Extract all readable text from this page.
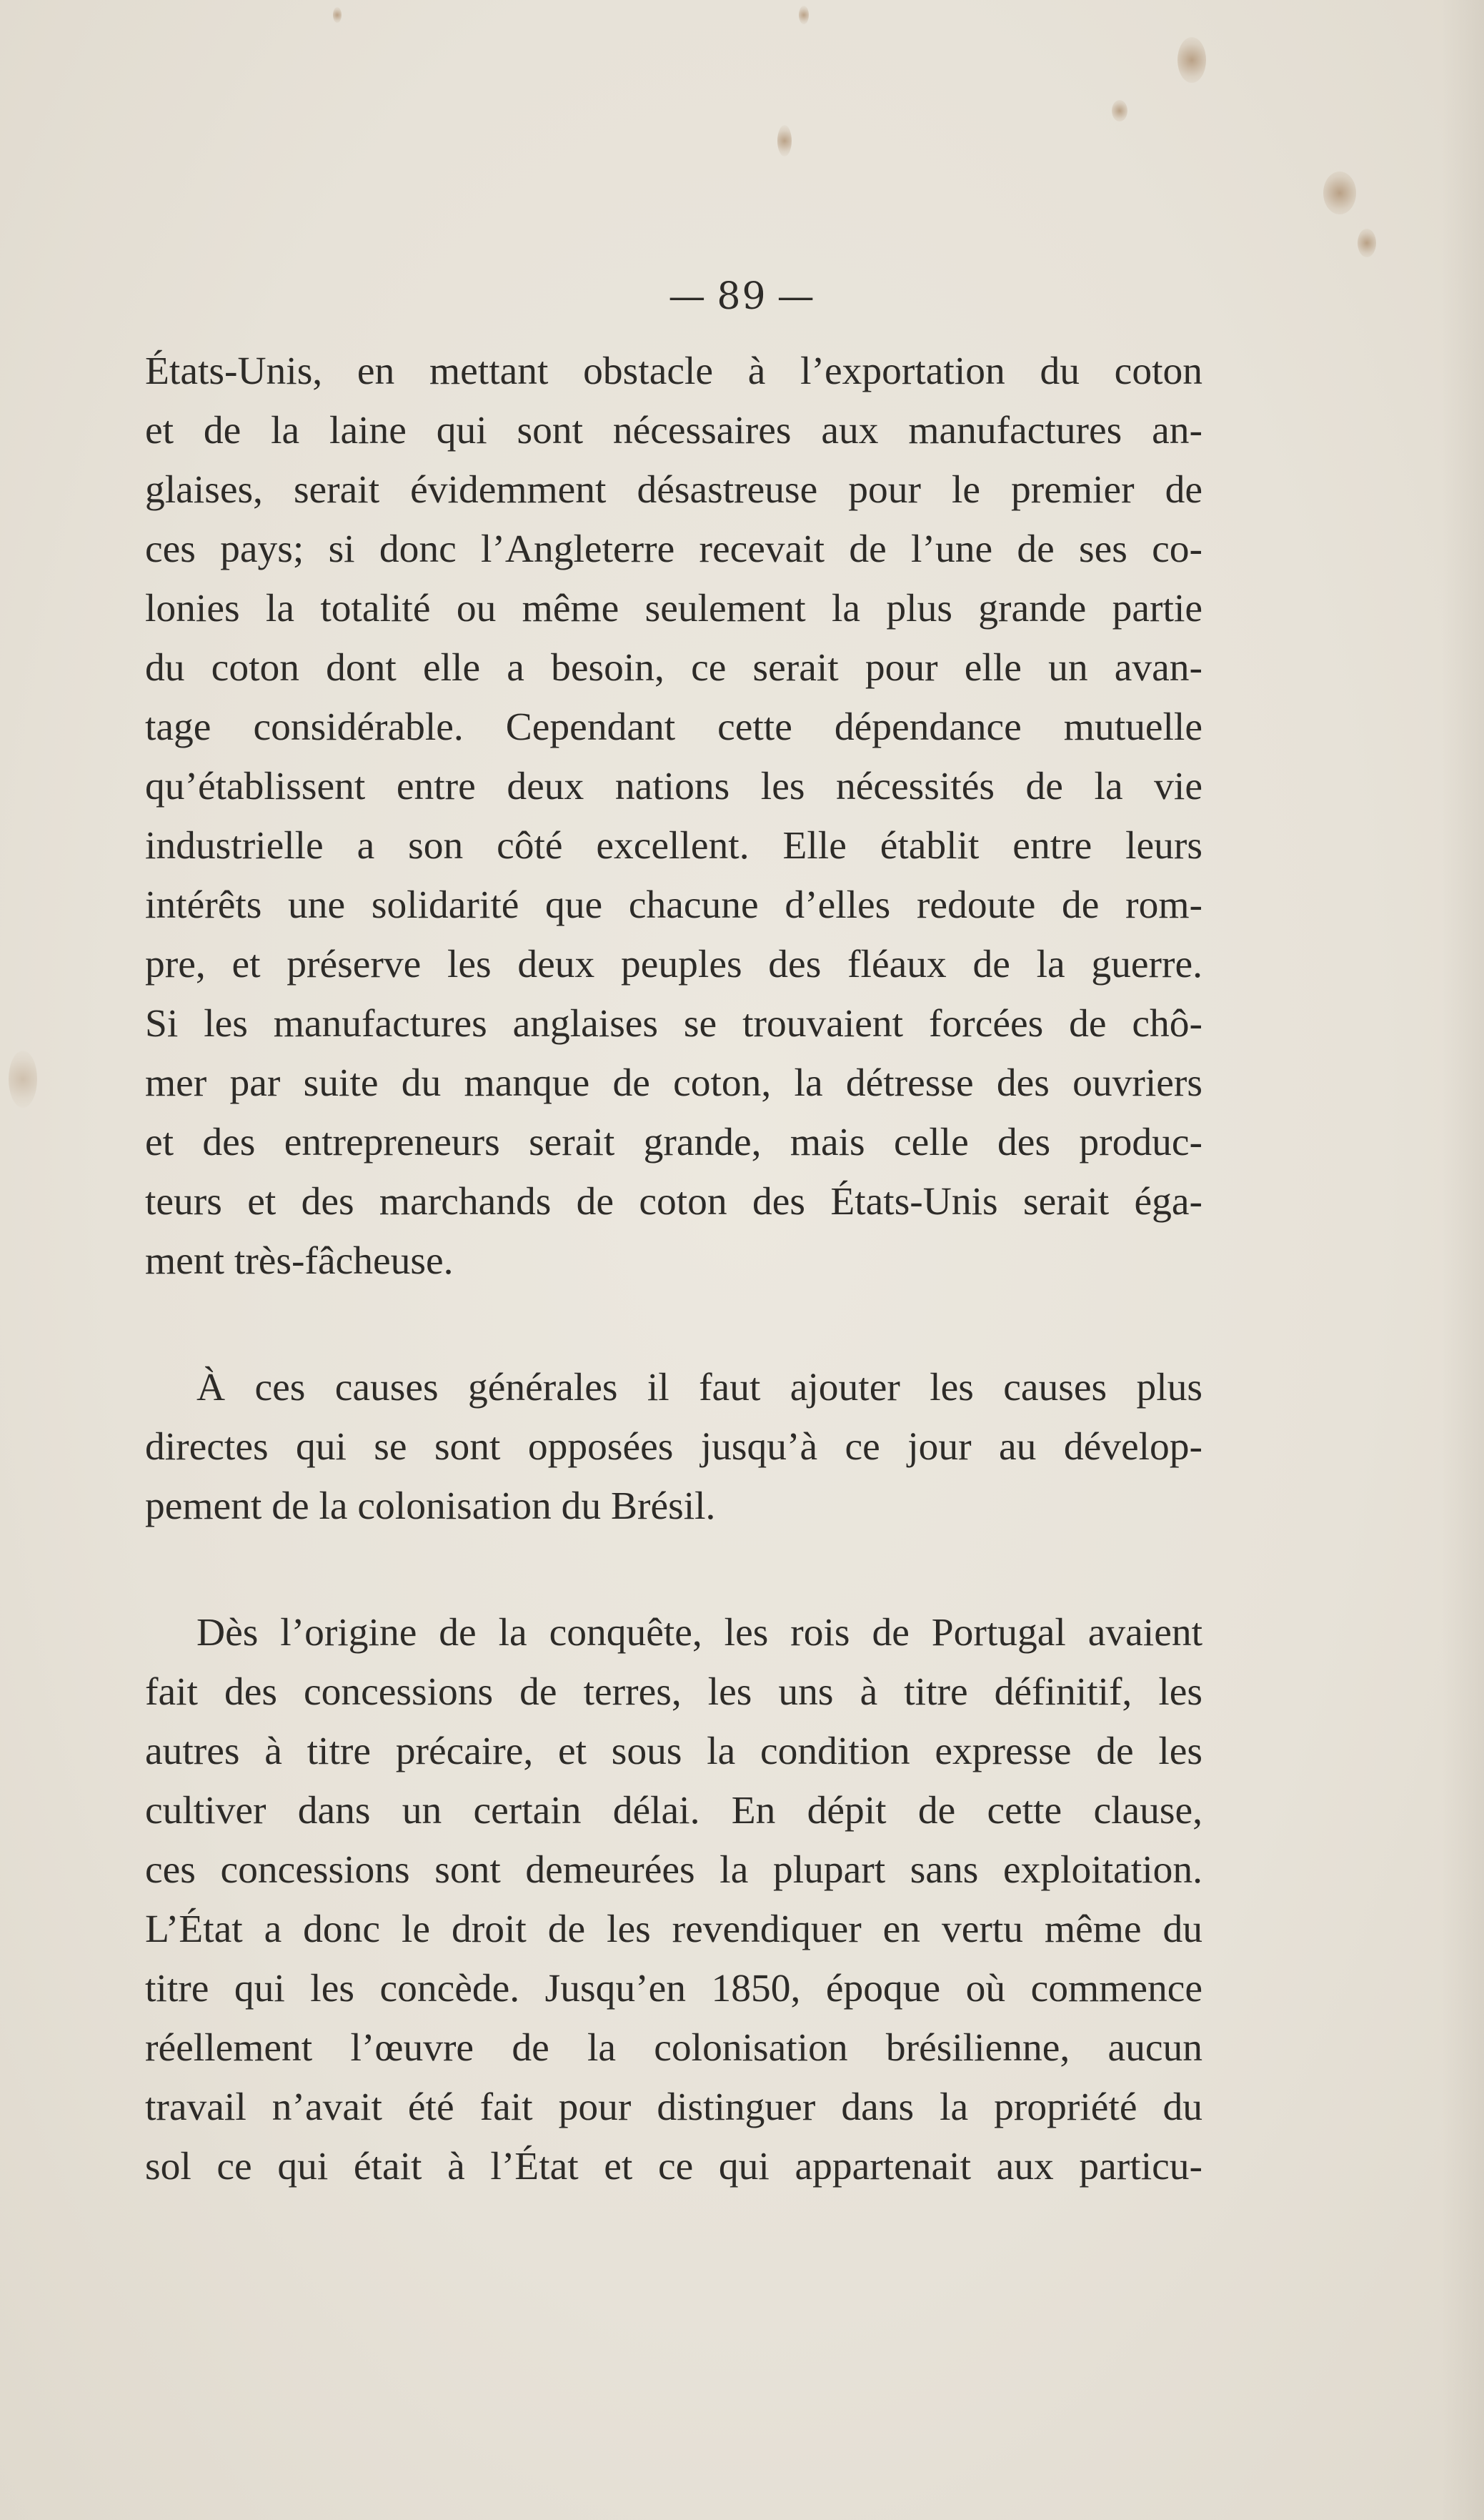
— 89 —
États-Unis, en mettant obstacle à l’exportation du coton
et de la laine qui sont nécessaires aux manufactures an-
glaises, serait évidemment désastreuse pour le premier de
ces pays; si donc l’Angleterre recevait de l’une de ses co-
lonies la totalité ou même seulement la plus grande partie
du coton dont elle a besoin, ce serait pour elle un avan-
tage considérable. Cependant cette dépendance mutuelle
qu’établissent entre deux nations les nécessités de la vie
industrielle a son côté excellent. Elle établit entre leurs
intérêts une solidarité que chacune d’elles redoute de rom-
pre, et préserve les deux peuples des fléaux de la guerre.
Si les manufactures anglaises se trouvaient forcées de chô-
mer par suite du manque de coton, la détresse des ouvriers
et des entrepreneurs serait grande, mais celle des produc-
teurs et des marchands de coton des États-Unis serait éga-
ment très-fâcheuse.
À ces causes générales il faut ajouter les causes plus
directes qui se sont opposées jusqu’à ce jour au dévelop-
pement de la colonisation du Brésil.
Dès l’origine de la conquête, les rois de Portugal avaient
fait des concessions de terres, les uns à titre définitif, les
autres à titre précaire, et sous la condition expresse de les
cultiver dans un certain délai. En dépit de cette clause,
ces concessions sont demeurées la plupart sans exploitation.
L’État a donc le droit de les revendiquer en vertu même du
titre qui les concède. Jusqu’en 1850, époque où commence
réellement l’œuvre de la colonisation brésilienne, aucun
travail n’avait été fait pour distinguer dans la propriété du
sol ce qui était à l’État et ce qui appartenait aux particu-
